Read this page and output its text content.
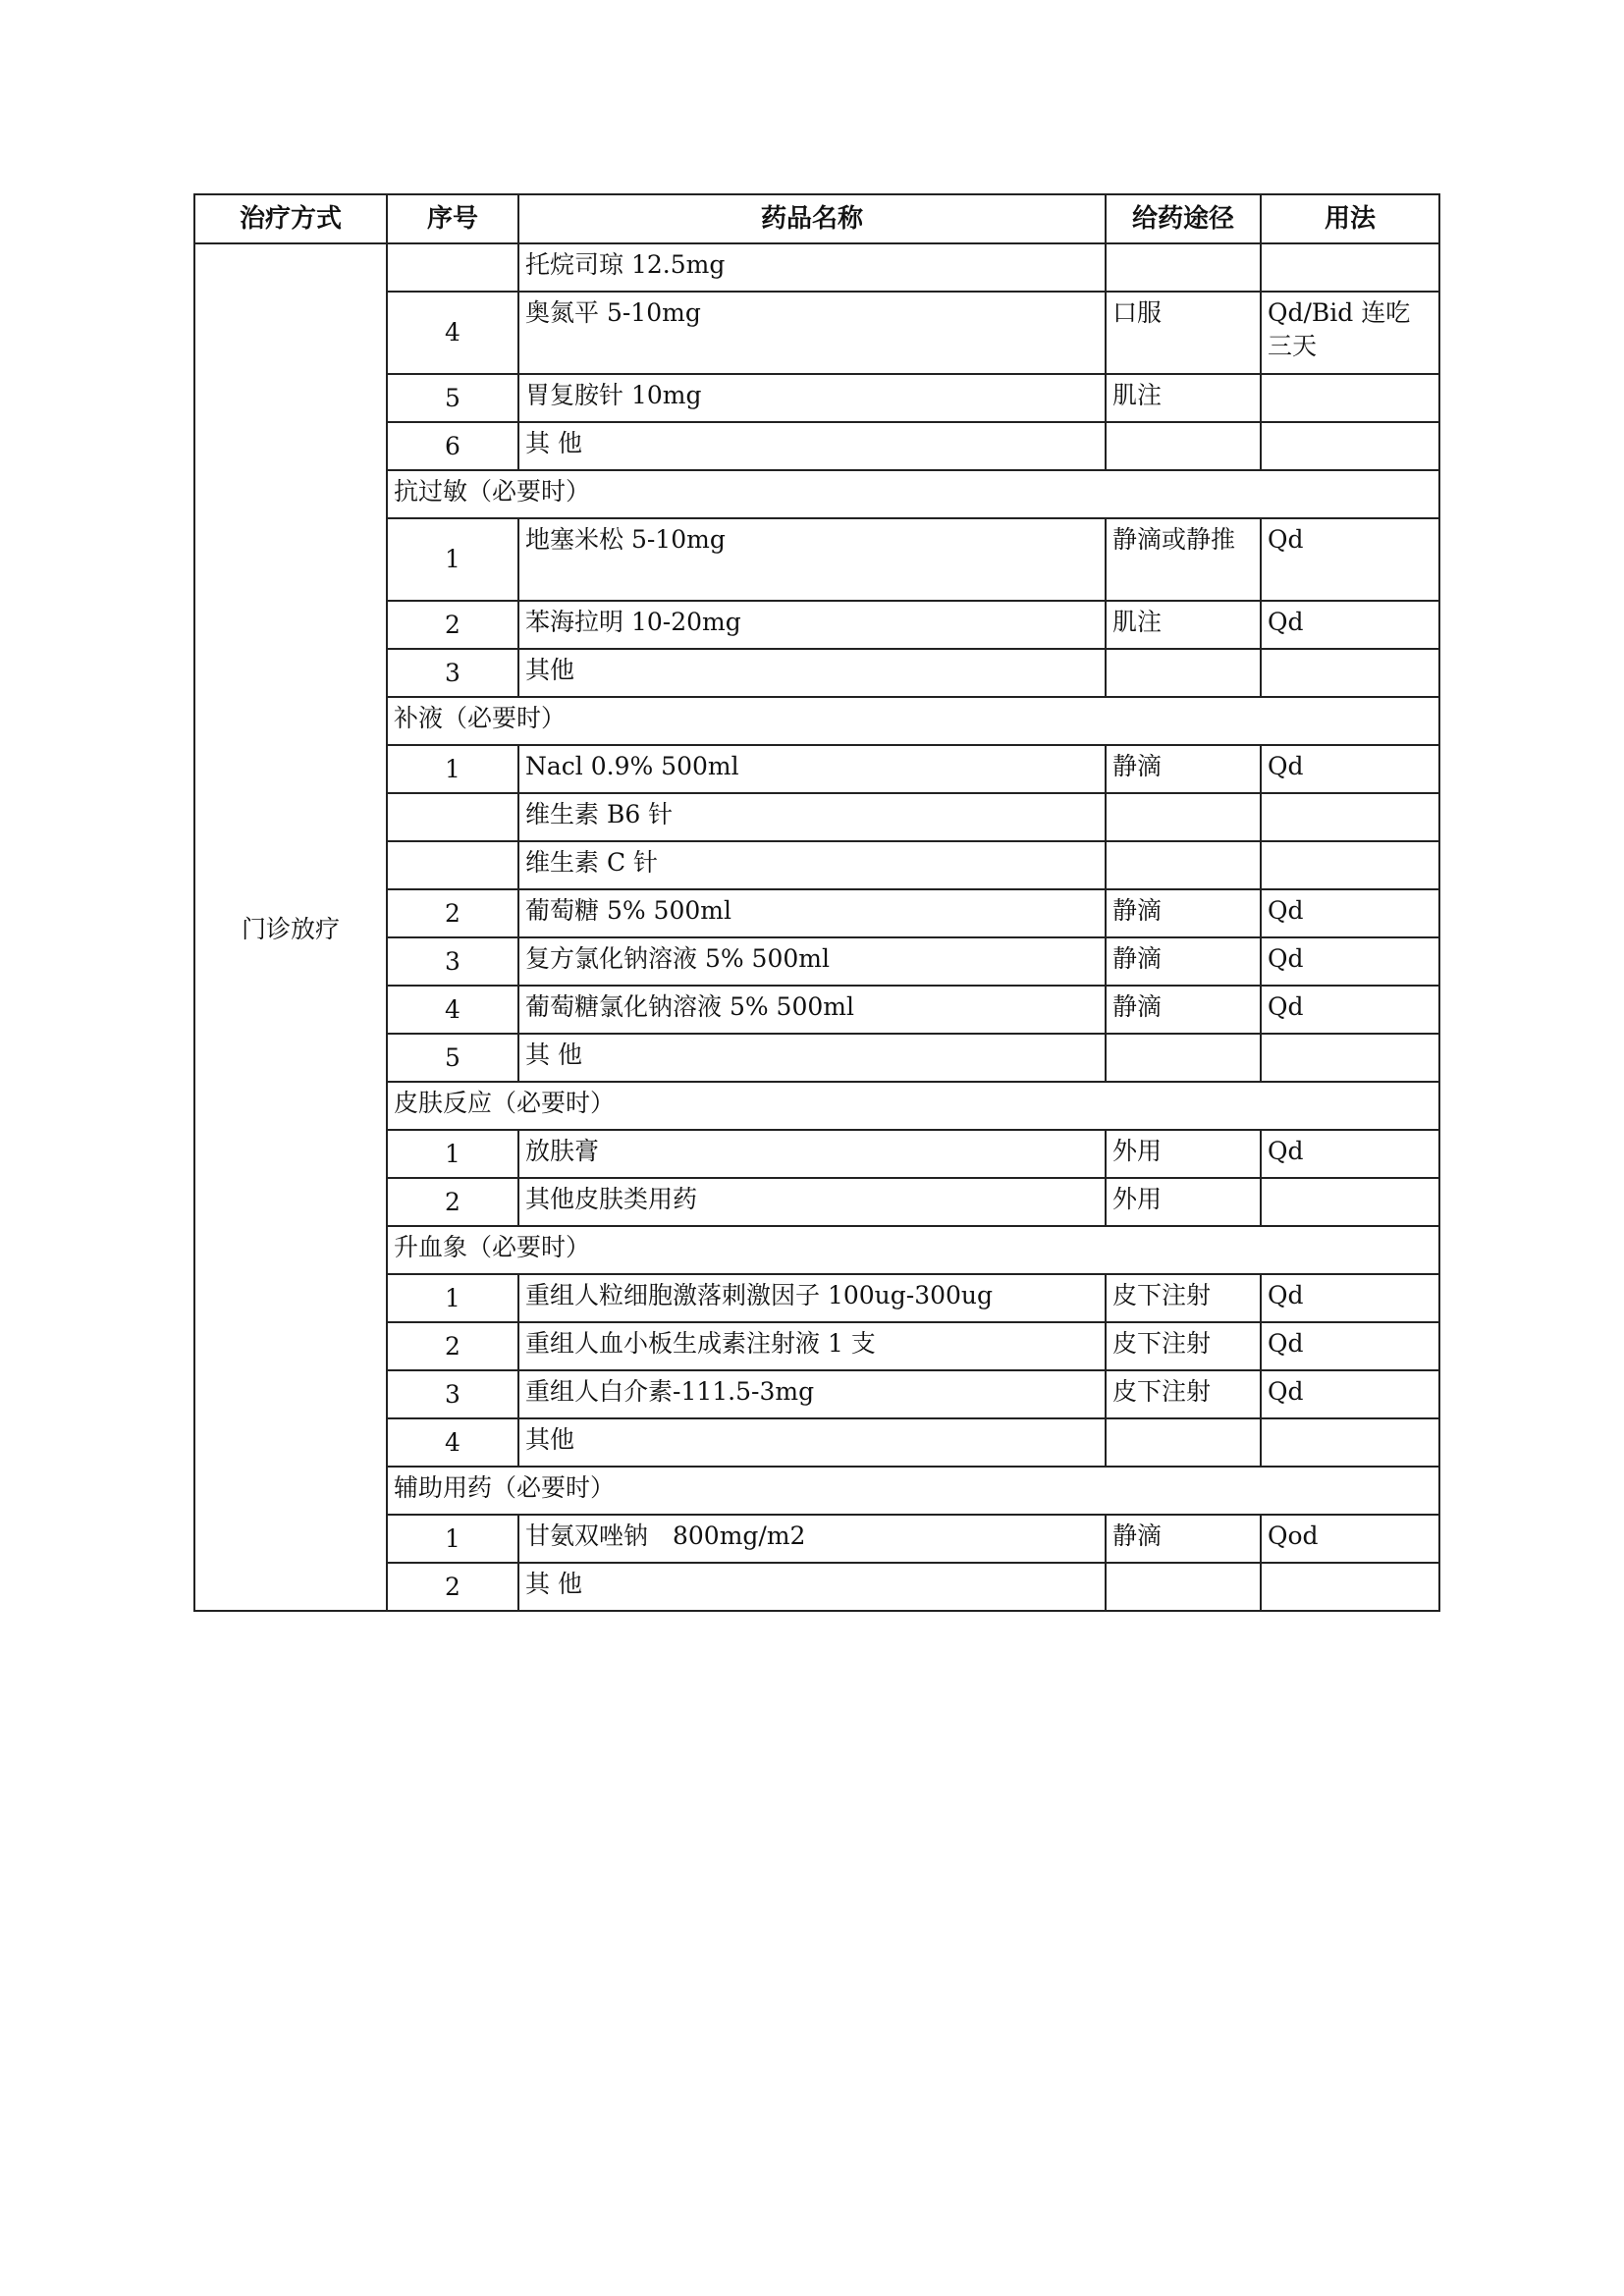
治疗方式	序号	药品名称	给药途径	用法
门诊放疗		托烷司琼 12.5mg		
	4	奥氮平 5-10mg	口服	Qd/Bid 连吃三天
	5	胃复胺针 10mg	肌注	
	6	其 他		
	抗过敏（必要时）			
	1	地塞米松 5-10mg	静滴或静推	Qd
	2	苯海拉明 10-20mg	肌注	Qd
	3	其他		
	补液（必要时）			
	1	Nacl 0.9% 500ml	静滴	Qd
		维生素 B6 针		
		维生素 C 针		
	2	葡萄糖 5% 500ml	静滴	Qd
	3	复方氯化钠溶液 5% 500ml	静滴	Qd
	4	葡萄糖氯化钠溶液 5% 500ml	静滴	Qd
	5	其 他		
	皮肤反应（必要时）			
	1	放肤膏	外用	Qd
	2	其他皮肤类用药	外用	
	升血象（必要时）			
	1	重组人粒细胞激落刺激因子 100ug-300ug	皮下注射	Qd
	2	重组人血小板生成素注射液 1 支	皮下注射	Qd
	3	重组人白介素-111.5-3mg	皮下注射	Qd
	4	其他		
	辅助用药（必要时）			
	1	甘氨双唑钠　800mg/m2	静滴	Qod
	2	其 他		
